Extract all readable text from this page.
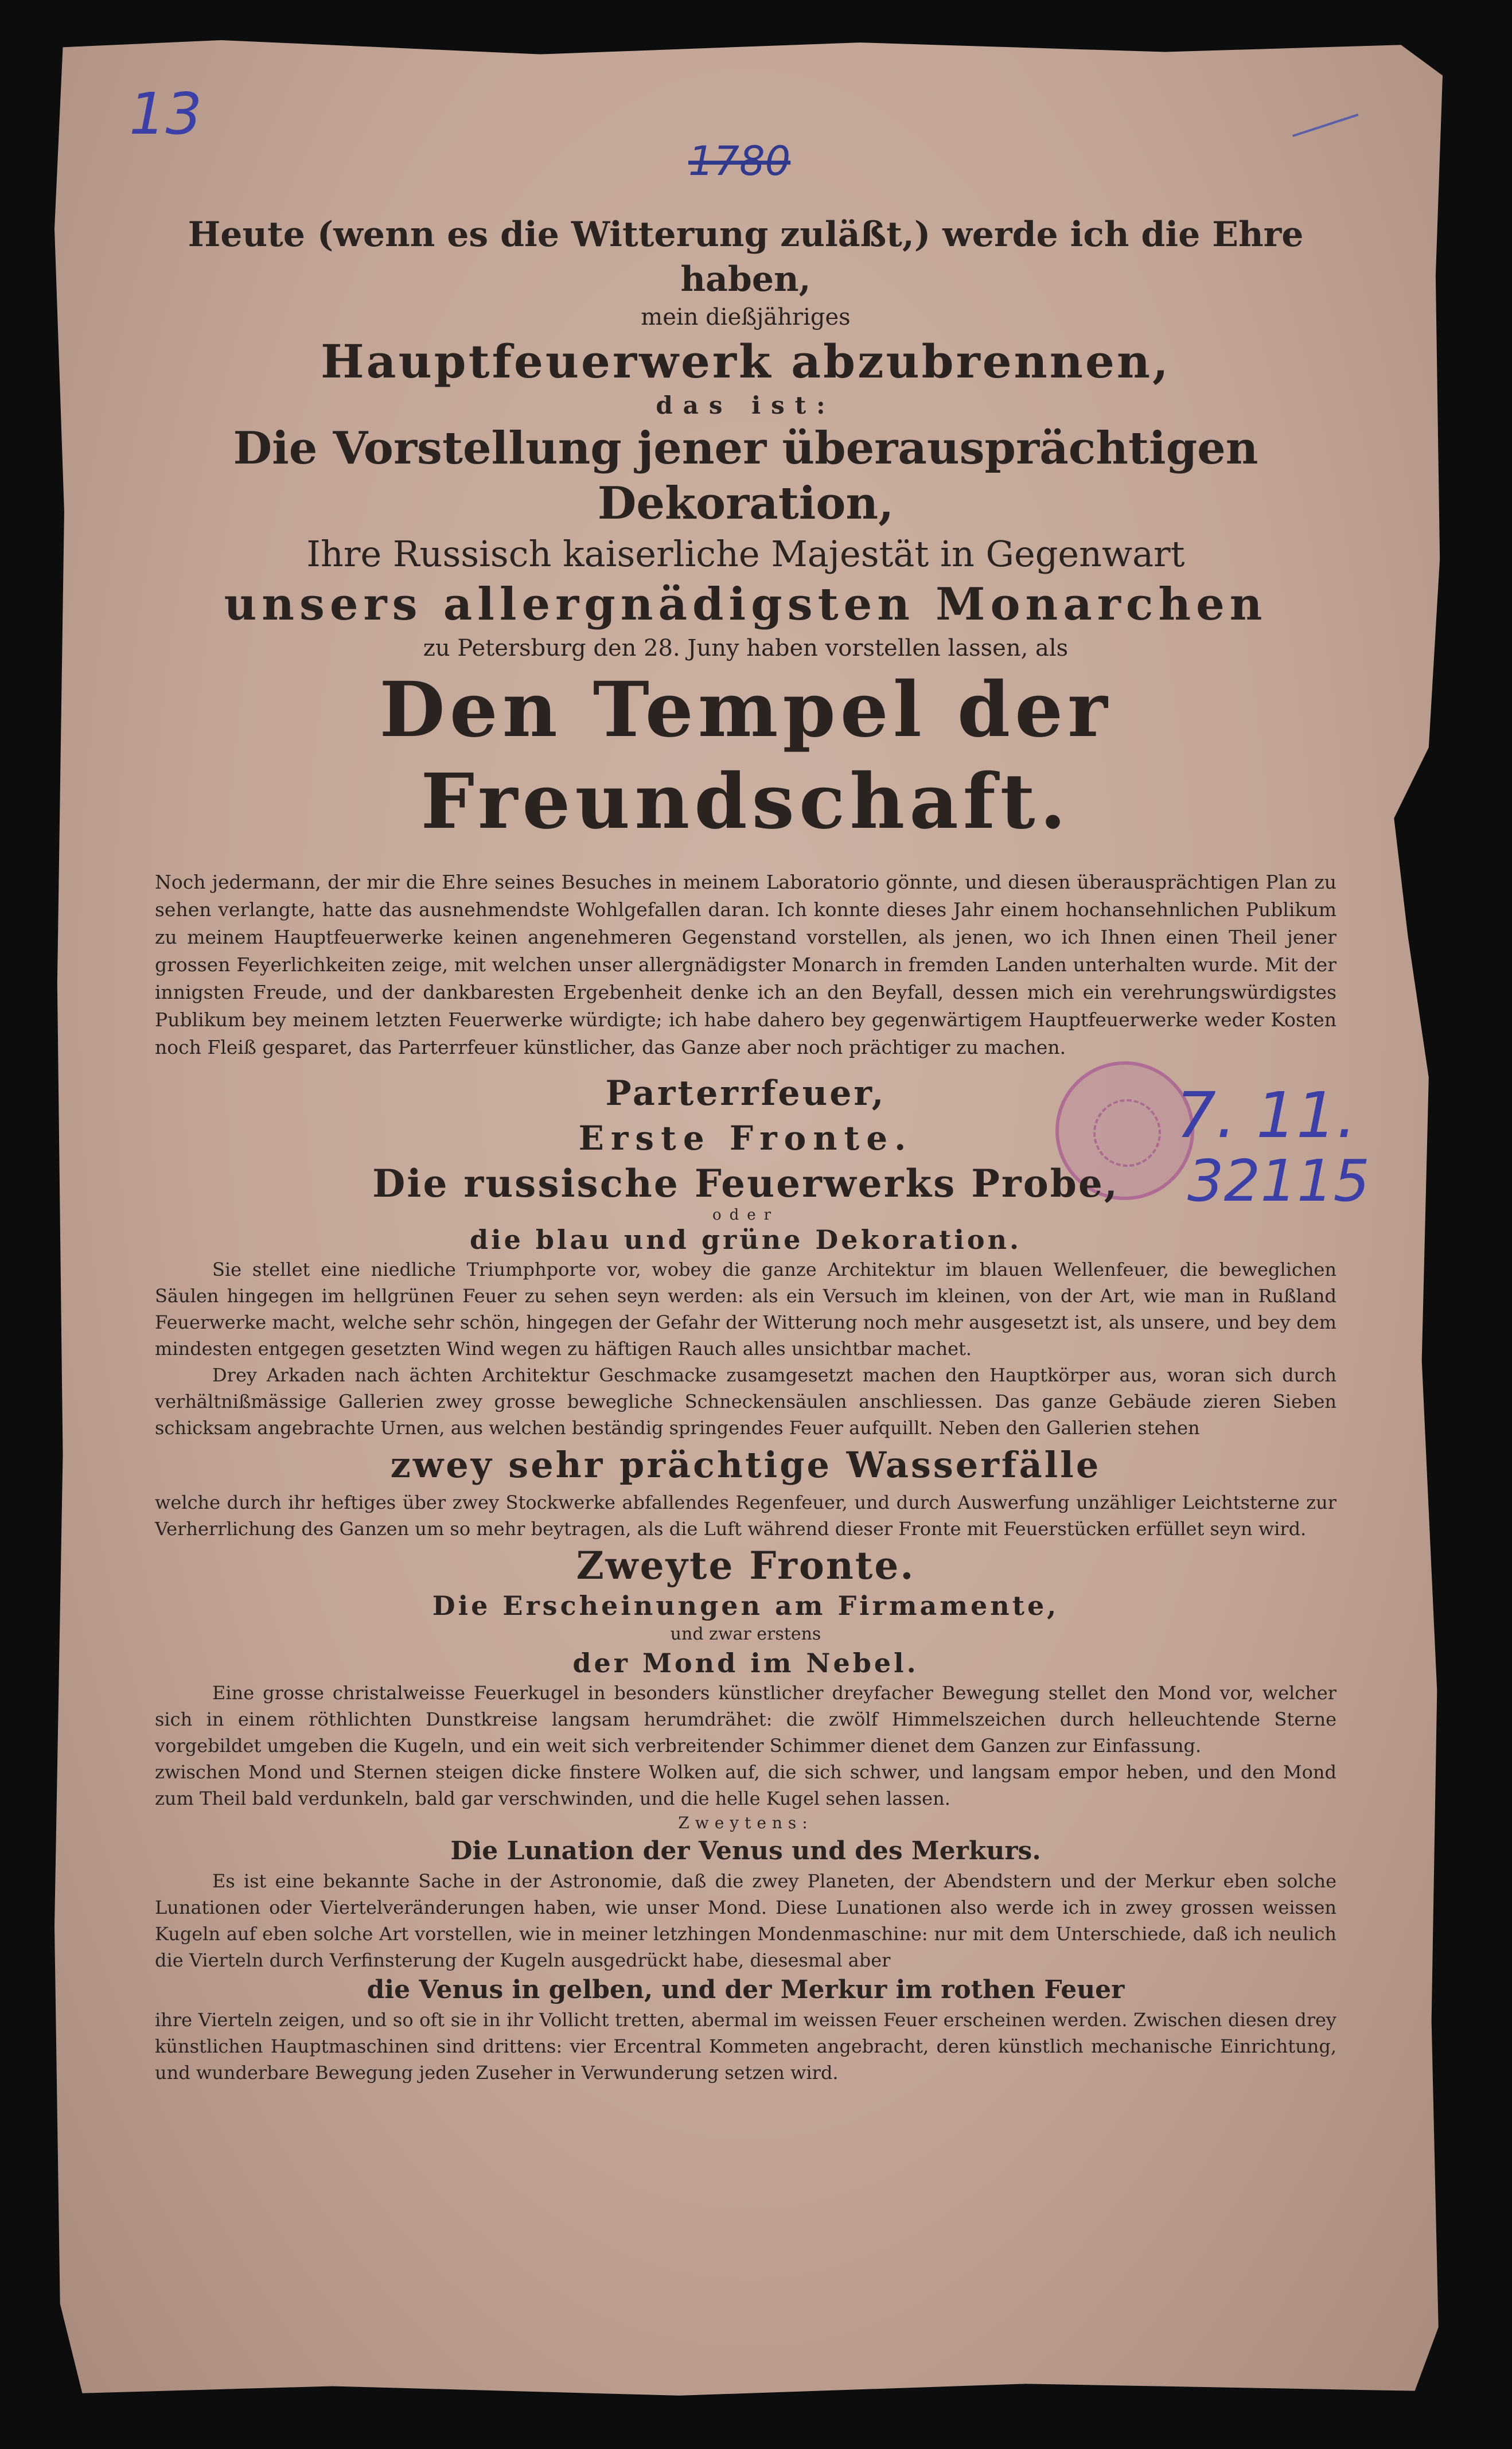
13
1780
7. 11.
32115

Heute (wenn es die Witterung zuläßt,) werde ich die Ehre haben,

mein dießjähriges

Hauptfeuerwerk abzubrennen,

das ist:

Die Vorstellung jener überausprächtigen Dekoration,

Ihre Russisch kaiserliche Majestät in Gegenwart

unsers allergnädigsten Monarchen

zu Petersburg den 28. Juny haben vorstellen lassen, als

Den Tempel der Freundschaft.

Noch jedermann, der mir die Ehre seines Besuches in meinem Laboratorio gönnte, und diesen überausprächtigen Plan zu sehen verlangte, hatte das ausnehmendste Wohlgefallen daran. Ich konnte dieses Jahr einem hochansehnlichen Publikum zu meinem Hauptfeuerwerke keinen angenehmeren Gegenstand vorstellen, als jenen, wo ich Ihnen einen Theil jener grossen Feyerlichkeiten zeige, mit welchen unser allergnädigster Monarch in fremden Landen unterhalten wurde. Mit der innigsten Freude, und der dankbaresten Ergebenheit denke ich an den Beyfall, dessen mich ein verehrungswürdigstes Publikum bey meinem letzten Feuerwerke würdigte; ich habe dahero bey gegenwärtigem Hauptfeuerwerke weder Kosten noch Fleiß gesparet, das Parterrfeuer künstlicher, das Ganze aber noch prächtiger zu machen.

Parterrfeuer,

Erste Fronte.

Die russische Feuerwerks Probe,

oder

die blau und grüne Dekoration.

Sie stellet eine niedliche Triumphporte vor, wobey die ganze Architektur im blauen Wellenfeuer, die beweglichen Säulen hingegen im hellgrünen Feuer zu sehen seyn werden: als ein Versuch im kleinen, von der Art, wie man in Rußland Feuerwerke macht, welche sehr schön, hingegen der Gefahr der Witterung noch mehr ausgesetzt ist, als unsere, und bey dem mindesten entgegen gesetzten Wind wegen zu häftigen Rauch alles unsichtbar machet.

Drey Arkaden nach ächten Architektur Geschmacke zusamgesetzt machen den Hauptkörper aus, woran sich durch verhältnißmässige Gallerien zwey grosse bewegliche Schneckensäulen anschliessen. Das ganze Gebäude zieren Sieben schicksam angebrachte Urnen, aus welchen beständig springendes Feuer aufquillt. Neben den Gallerien stehen

zwey sehr prächtige Wasserfälle

welche durch ihr heftiges über zwey Stockwerke abfallendes Regenfeuer, und durch Auswerfung unzähliger Leichtsterne zur Verherrlichung des Ganzen um so mehr beytragen, als die Luft während dieser Fronte mit Feuerstücken erfüllet seyn wird.

Zweyte Fronte.

Die Erscheinungen am Firmamente,

und zwar erstens

der Mond im Nebel.

Eine grosse christalweisse Feuerkugel in besonders künstlicher dreyfacher Bewegung stellet den Mond vor, welcher sich in einem röthlichten Dunstkreise langsam herumdrähet: die zwölf Himmelszeichen durch helleuchtende Sterne vorgebildet umgeben die Kugeln, und ein weit sich verbreitender Schimmer dienet dem Ganzen zur Einfassung.

zwischen Mond und Sternen steigen dicke finstere Wolken auf, die sich schwer, und langsam empor heben, und den Mond zum Theil bald verdunkeln, bald gar verschwinden, und die helle Kugel sehen lassen.

Zweytens:

Die Lunation der Venus und des Merkurs.

Es ist eine bekannte Sache in der Astronomie, daß die zwey Planeten, der Abendstern und der Merkur eben solche Lunationen oder Viertelveränderungen haben, wie unser Mond. Diese Lunationen also werde ich in zwey grossen weissen Kugeln auf eben solche Art vorstellen, wie in meiner letzhingen Mondenmaschine: nur mit dem Unterschiede, daß ich neulich die Vierteln durch Verfinsterung der Kugeln ausgedrückt habe, diesesmal aber

die Venus in gelben, und der Merkur im rothen Feuer

ihre Vierteln zeigen, und so oft sie in ihr Vollicht tretten, abermal im weissen Feuer erscheinen werden. Zwischen diesen drey künstlichen Hauptmaschinen sind drittens: vier Ercentral Kommeten angebracht, deren künstlich mechanische Einrichtung, und wunderbare Bewegung jeden Zuseher in Verwunderung setzen wird.
